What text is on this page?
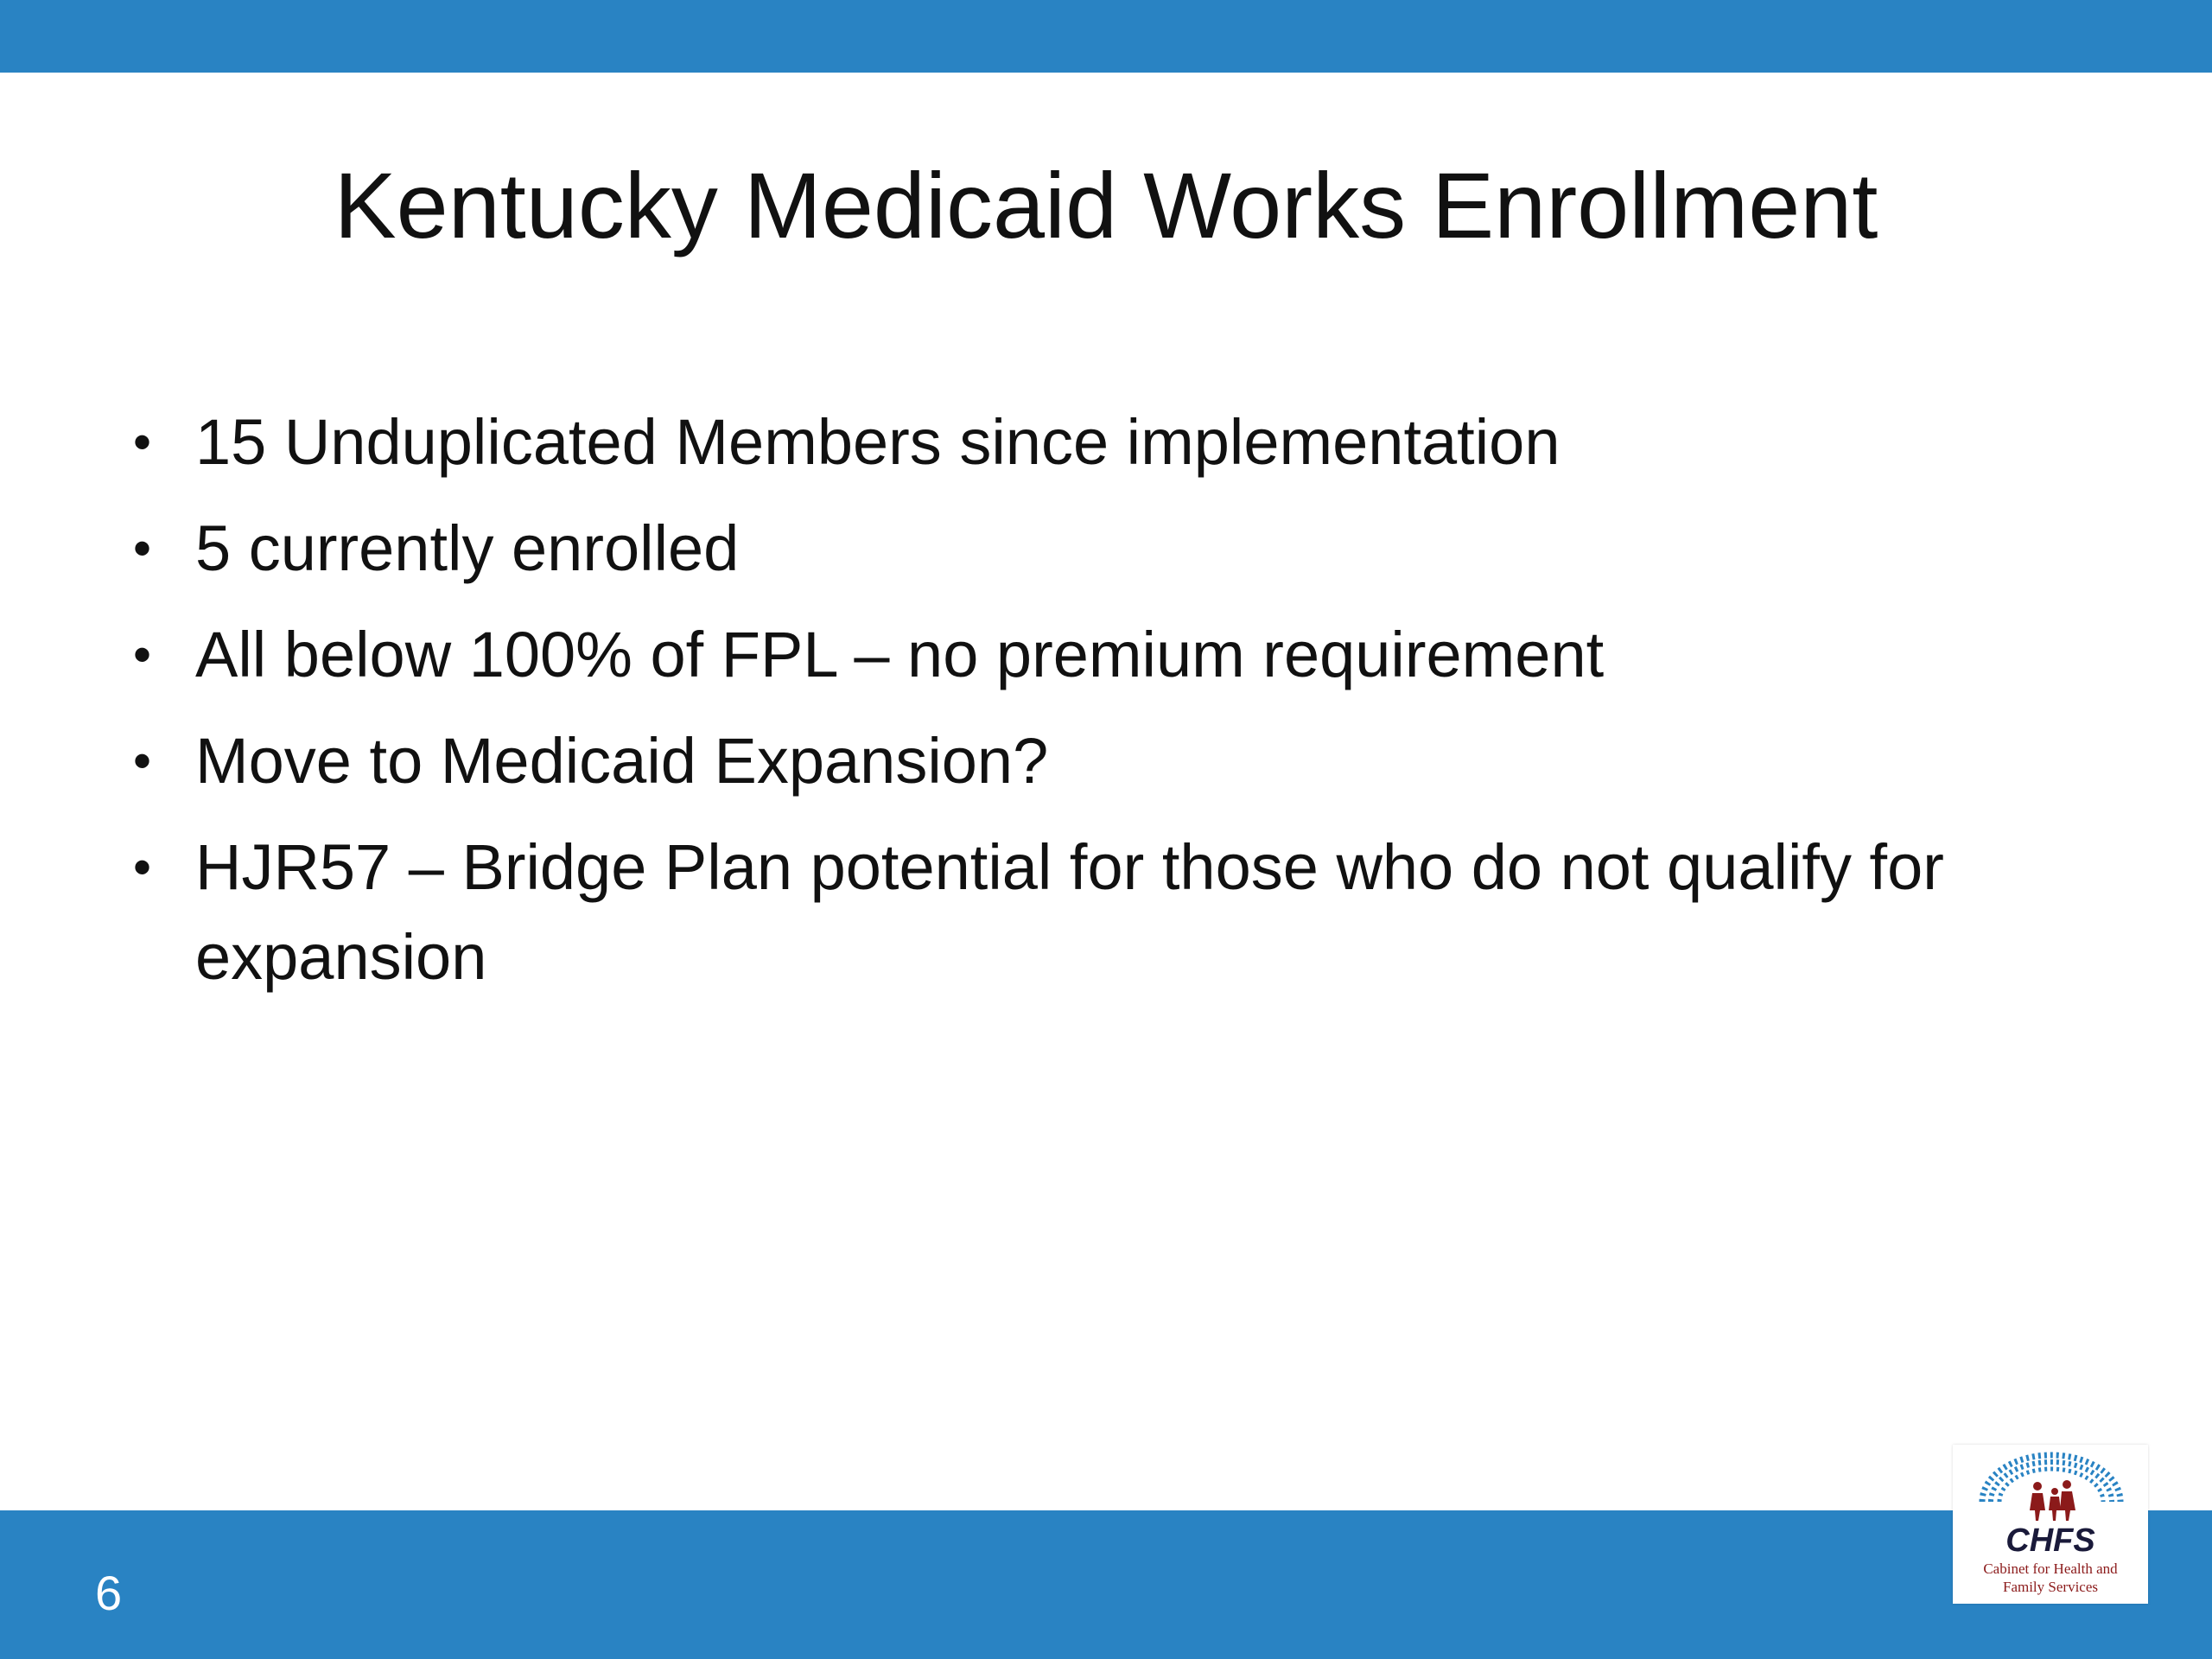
Kentucky Medicaid Works Enrollment
• 15 Unduplicated Members since implementation
• 5 currently enrolled
• All below 100% of FPL – no premium requirement
• Move to Medicaid Expansion?
• HJR57 – Bridge Plan potential for those who do not qualify for expansion
6
CHFS
Cabinet for Health and
Family Services
